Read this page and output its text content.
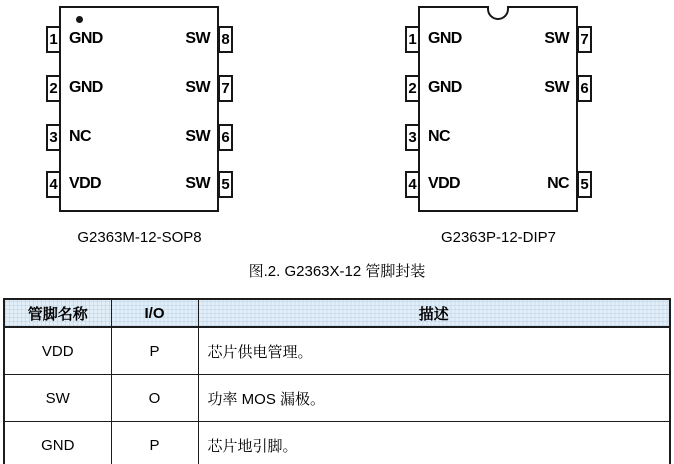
1 GND
2 GND
3 NC
4 VDD
8
SW
7
SW
6
SW
5
SW
1 GND
2 GND
3 NC
4 VDD
7
SW
6
SW
5
NC
G2363M-12-SOP8	G2363P-12-DIP7
图.2. G2363X-12 管脚封装
管脚名称	I/O	描述
VDD	P	芯片供电管理。
SW	O	功率 MOS 漏极。
GND	P	芯片地引脚。
